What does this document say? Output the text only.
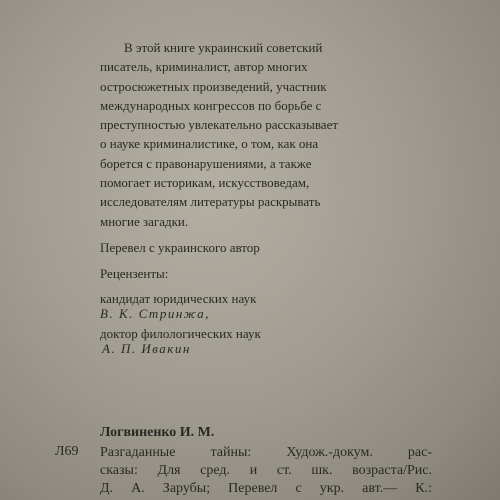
В этой книге украинский советский
писатель, криминалист, автор многих
остросюжетных произведений, участник
международных конгрессов по борьбе с
преступностью увлекательно рассказывает
о науке криминалистике, о том, как она
борется с правонарушениями, а также
помогает историкам, искусствоведам,
исследователям литературы раскрывать
многие загадки.
Перевел с украинского автор
Рецензенты:
кандидат юридических наук
В. К. Стринжа,
доктор филологических наук
А. П. Ивакин
Логвиненко И. М.
Л69 Разгаданные тайны: Худож.-докум. рас-
сказы: Для сред. и ст. шк. возраста/Рис.
Д. А. Зарубы; Перевел с укр. авт.— К.:
